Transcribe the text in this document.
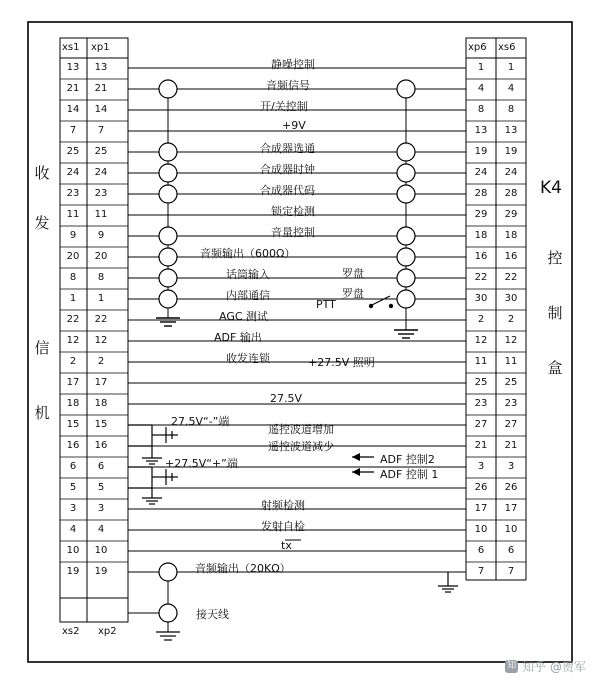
xs1 xp1	xp6 xs6
xs2 xp2
收
发
信
机
K4
控
制
盒
13	13	1	1
静噪控制
21	21	4	4
音频信号
14	14	8	8
开/关控制
7	7	13	13
+9V
25	25	19	19
合成器选通
24	24	24	24
合成器时钟
23	23	28	28
合成器代码
11	11	29	29
锁定检测
9	9	18	18
音量控制
20	20	16	16
音频输出（600Ω）
8	8	22	22
话筒输入
1	1	30	30
内部通信
22	22	2	2
AGC 测试
12	12	12	12
ADF 输出
2	2	11	11
收发连锁
17	17	25	25
18	18	23	23
27.5V
15	15	27	27
27.5V“-”端
16	16	21	21
6	6	3	3
+27.5V“+”端
5	5	26	26
3	3	17	17
射频检测
4	4	10	10
发射自检
10	10	6	6
tx
19	19	7	7
音频输出（20KΩ）
罗盘
罗盘
PTT
+27.5V 照明
遥控波道增加
遥控波道减少
ADF 控制2
ADF 控制 1
接天线
知 知乎 @贺军
